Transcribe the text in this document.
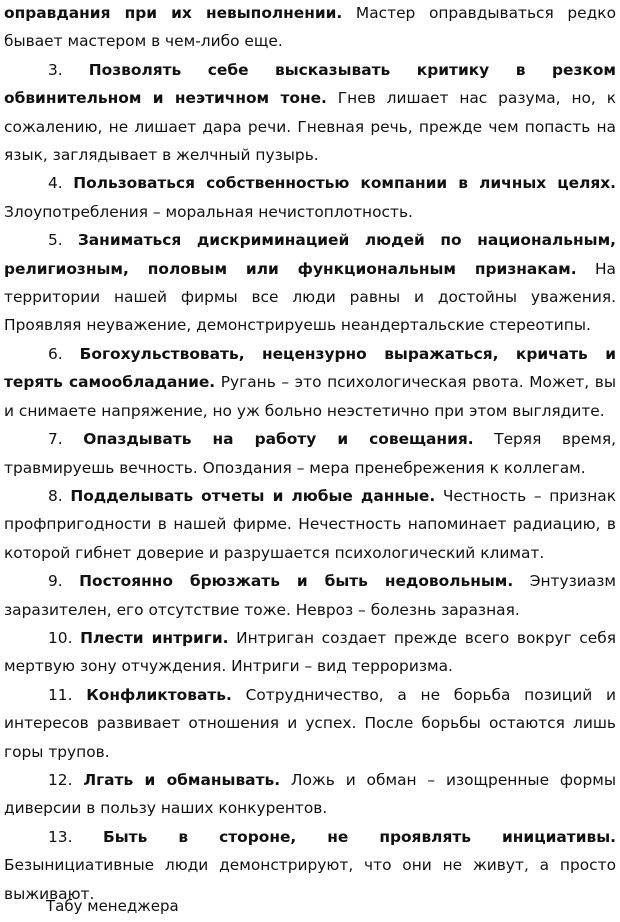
оправдания при их невыполнении. Мастер оправдываться редко бывает мастером в чем-либо еще.

3. Позволять себе высказывать критику в резком обвинительном и неэтичном тоне. Гнев лишает нас разума, но, к сожалению, не лишает дара речи. Гневная речь, прежде чем попасть на язык, заглядывает в желчный пузырь.

4. Пользоваться собственностью компании в личных целях. Злоупотребления – моральная нечистоплотность.

5. Заниматься дискриминацией людей по национальным, религиозным, половым или функциональным признакам. На территории нашей фирмы все люди равны и достойны уважения. Проявляя неуважение, демонстрируешь неандертальские стереотипы.

6. Богохульствовать, нецензурно выражаться, кричать и терять самообладание. Ругань – это психологическая рвота. Может, вы и снимаете напряжение, но уж больно неэстетично при этом выглядите.

7. Опаздывать на работу и совещания. Теряя время, травмируешь вечность. Опоздания – мера пренебрежения к коллегам.

8. Подделывать отчеты и любые данные. Честность – признак профпригодности в нашей фирме. Нечестность напоминает радиацию, в которой гибнет доверие и разрушается психологический климат.

9. Постоянно брюзжать и быть недовольным. Энтузиазм заразителен, его отсутствие тоже. Невроз – болезнь заразная.

10. Плести интриги. Интриган создает прежде всего вокруг себя мертвую зону отчуждения. Интриги – вид терроризма.

11. Конфликтовать. Сотрудничество, а не борьба позиций и интересов развивает отношения и успех. После борьбы остаются лишь горы трупов.

12. Лгать и обманывать. Ложь и обман – изощренные формы диверсии в пользу наших конкурентов.

13. Быть в стороне, не проявлять инициативы. Безынициативные люди демонстрируют, что они не живут, а просто выживают.

Табу менеджера
